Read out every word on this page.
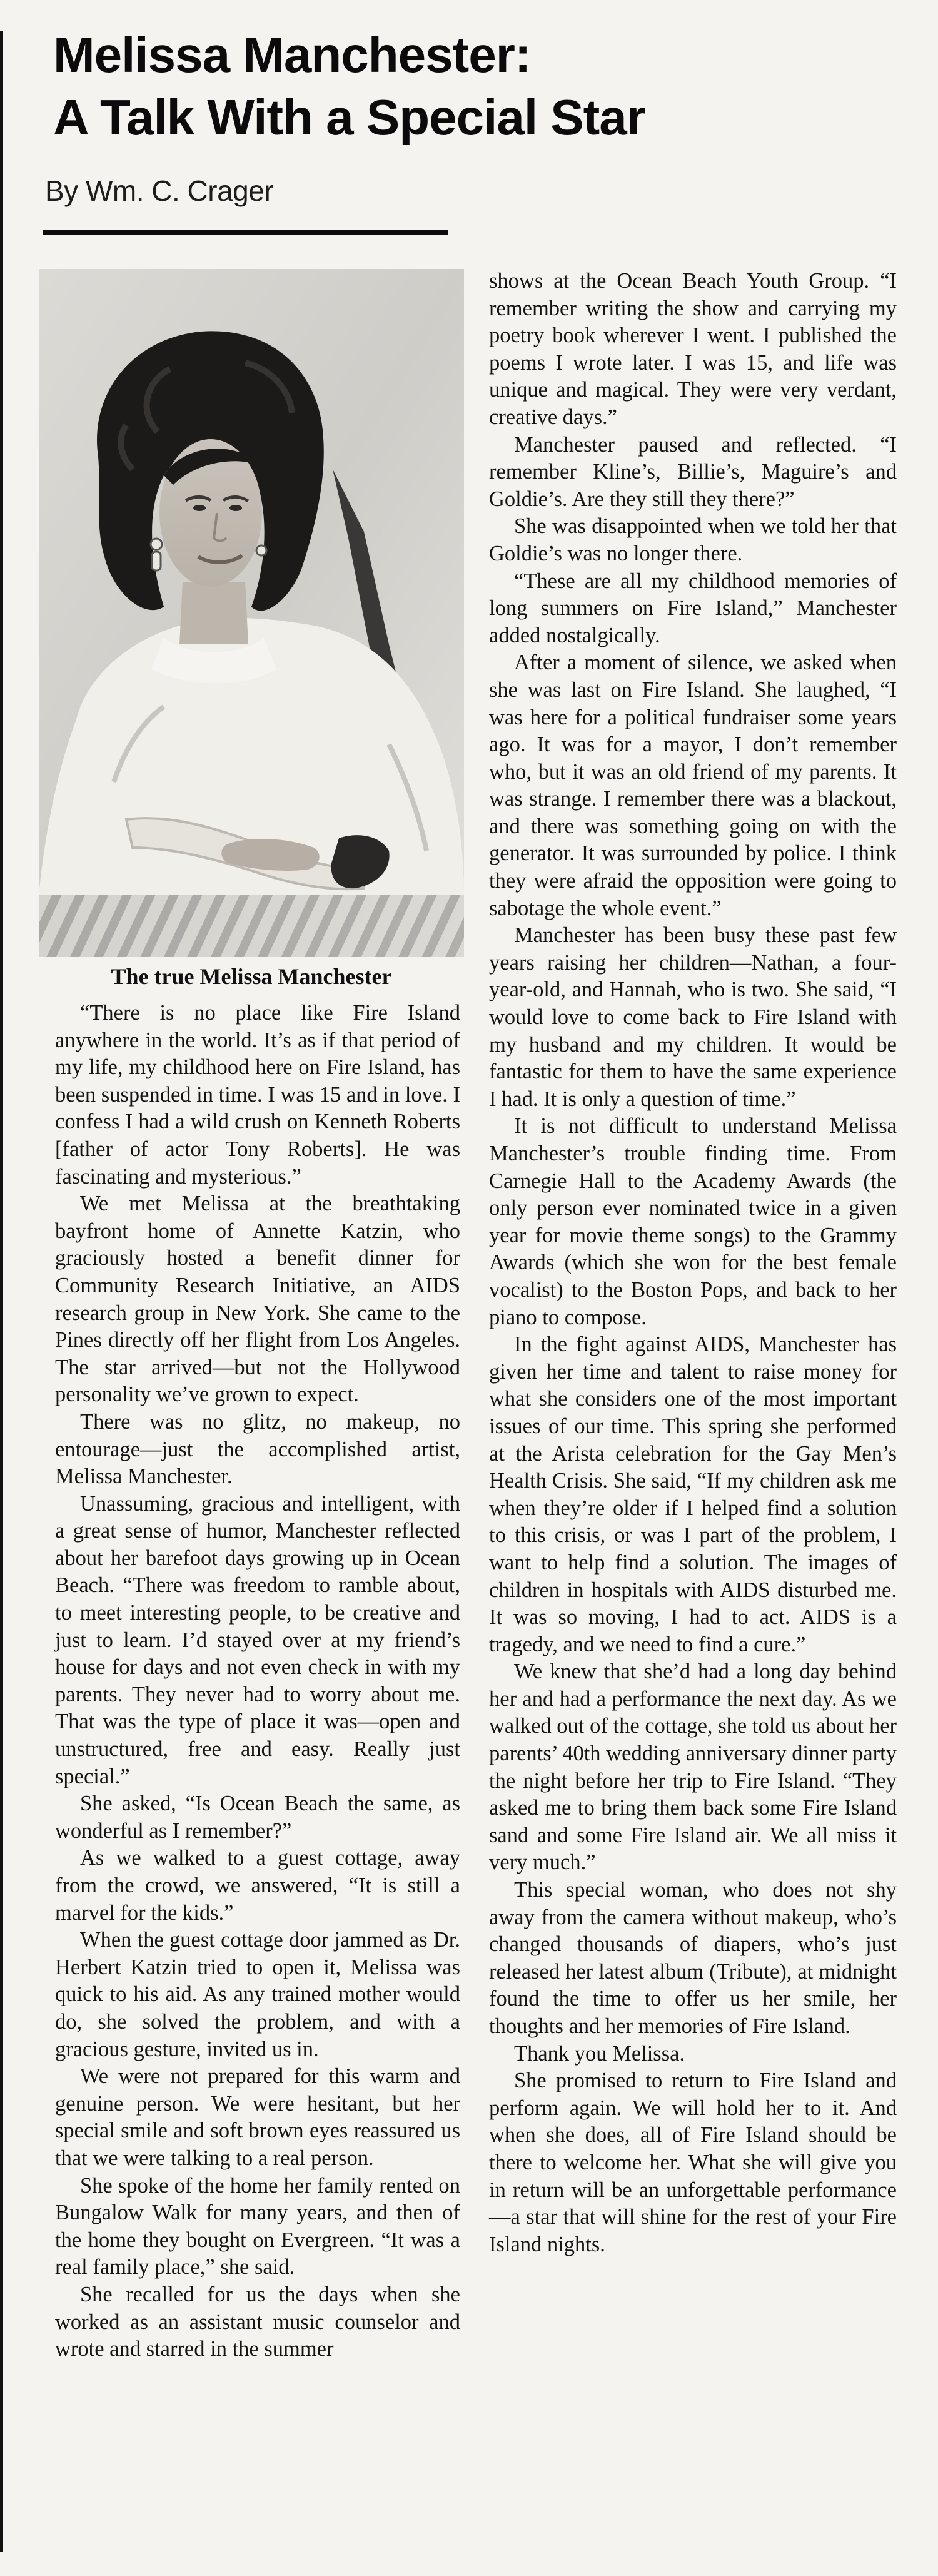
Melissa Manchester:
A Talk With a Special Star
By Wm. C. Crager
The true Melissa Manchester

“There is no place like Fire Island anywhere in the world. It’s as if that period of my life, my childhood here on Fire Island, has been suspended in time. I was 15 and in love. I confess I had a wild crush on Kenneth Roberts [father of actor Tony Roberts]. He was fascinating and mysterious.”

We met Melissa at the breathtaking bayfront home of Annette Katzin, who graciously hosted a benefit dinner for Community Research Initiative, an AIDS research group in New York. She came to the Pines directly off her flight from Los Angeles. The star arrived—but not the Hollywood personality we’ve grown to expect.

There was no glitz, no makeup, no entourage—just the accomplished artist, Melissa Manchester.

Unassuming, gracious and intelligent, with a great sense of humor, Manchester reflected about her barefoot days growing up in Ocean Beach. “There was freedom to ramble about, to meet interesting people, to be creative and just to learn. I’d stayed over at my friend’s house for days and not even check in with my parents. They never had to worry about me. That was the type of place it was—open and unstructured, free and easy. Really just special.”

She asked, “Is Ocean Beach the same, as wonderful as I remember?”

As we walked to a guest cottage, away from the crowd, we answered, “It is still a marvel for the kids.”

When the guest cottage door jammed as Dr. Herbert Katzin tried to open it, Melissa was quick to his aid. As any trained mother would do, she solved the problem, and with a gracious gesture, invited us in.

We were not prepared for this warm and genuine person. We were hesitant, but her special smile and soft brown eyes reassured us that we were talking to a real person.

She spoke of the home her family rented on Bungalow Walk for many years, and then of the home they bought on Evergreen. “It was a real family place,” she said.

She recalled for us the days when she worked as an assistant music counselor and wrote and starred in the summer

shows at the Ocean Beach Youth Group. “I remember writing the show and carrying my poetry book wherever I went. I published the poems I wrote later. I was 15, and life was unique and magical. They were very verdant, creative days.”

Manchester paused and reflected. “I remember Kline’s, Billie’s, Maguire’s and Goldie’s. Are they still they there?”

She was disappointed when we told her that Goldie’s was no longer there.

“These are all my childhood memories of long summers on Fire Island,” Manchester added nostalgically.

After a moment of silence, we asked when she was last on Fire Island. She laughed, “I was here for a political fundraiser some years ago. It was for a mayor, I don’t remember who, but it was an old friend of my parents. It was strange. I remember there was a blackout, and there was something going on with the generator. It was surrounded by police. I think they were afraid the opposition were going to sabotage the whole event.”

Manchester has been busy these past few years raising her children—Nathan, a four-year-old, and Hannah, who is two. She said, “I would love to come back to Fire Island with my husband and my children. It would be fantastic for them to have the same experience I had. It is only a question of time.”

It is not difficult to understand Melissa Manchester’s trouble finding time. From Carnegie Hall to the Academy Awards (the only person ever nominated twice in a given year for movie theme songs) to the Grammy Awards (which she won for the best female vocalist) to the Boston Pops, and back to her piano to compose.

In the fight against AIDS, Manchester has given her time and talent to raise money for what she considers one of the most important issues of our time. This spring she performed at the Arista celebration for the Gay Men’s Health Crisis. She said, “If my children ask me when they’re older if I helped find a solution to this crisis, or was I part of the problem, I want to help find a solution. The images of children in hospitals with AIDS disturbed me. It was so moving, I had to act. AIDS is a tragedy, and we need to find a cure.”

We knew that she’d had a long day behind her and had a performance the next day. As we walked out of the cottage, she told us about her parents’ 40th wedding anniversary dinner party the night before her trip to Fire Island. “They asked me to bring them back some Fire Island sand and some Fire Island air. We all miss it very much.”

This special woman, who does not shy away from the camera without makeup, who’s changed thousands of diapers, who’s just released her latest album (Tribute), at midnight found the time to offer us her smile, her thoughts and her memories of Fire Island.

Thank you Melissa.

She promised to return to Fire Island and perform again. We will hold her to it. And when she does, all of Fire Island should be there to welcome her. What she will give you in return will be an unforgettable performance—a star that will shine for the rest of your Fire Island nights.
